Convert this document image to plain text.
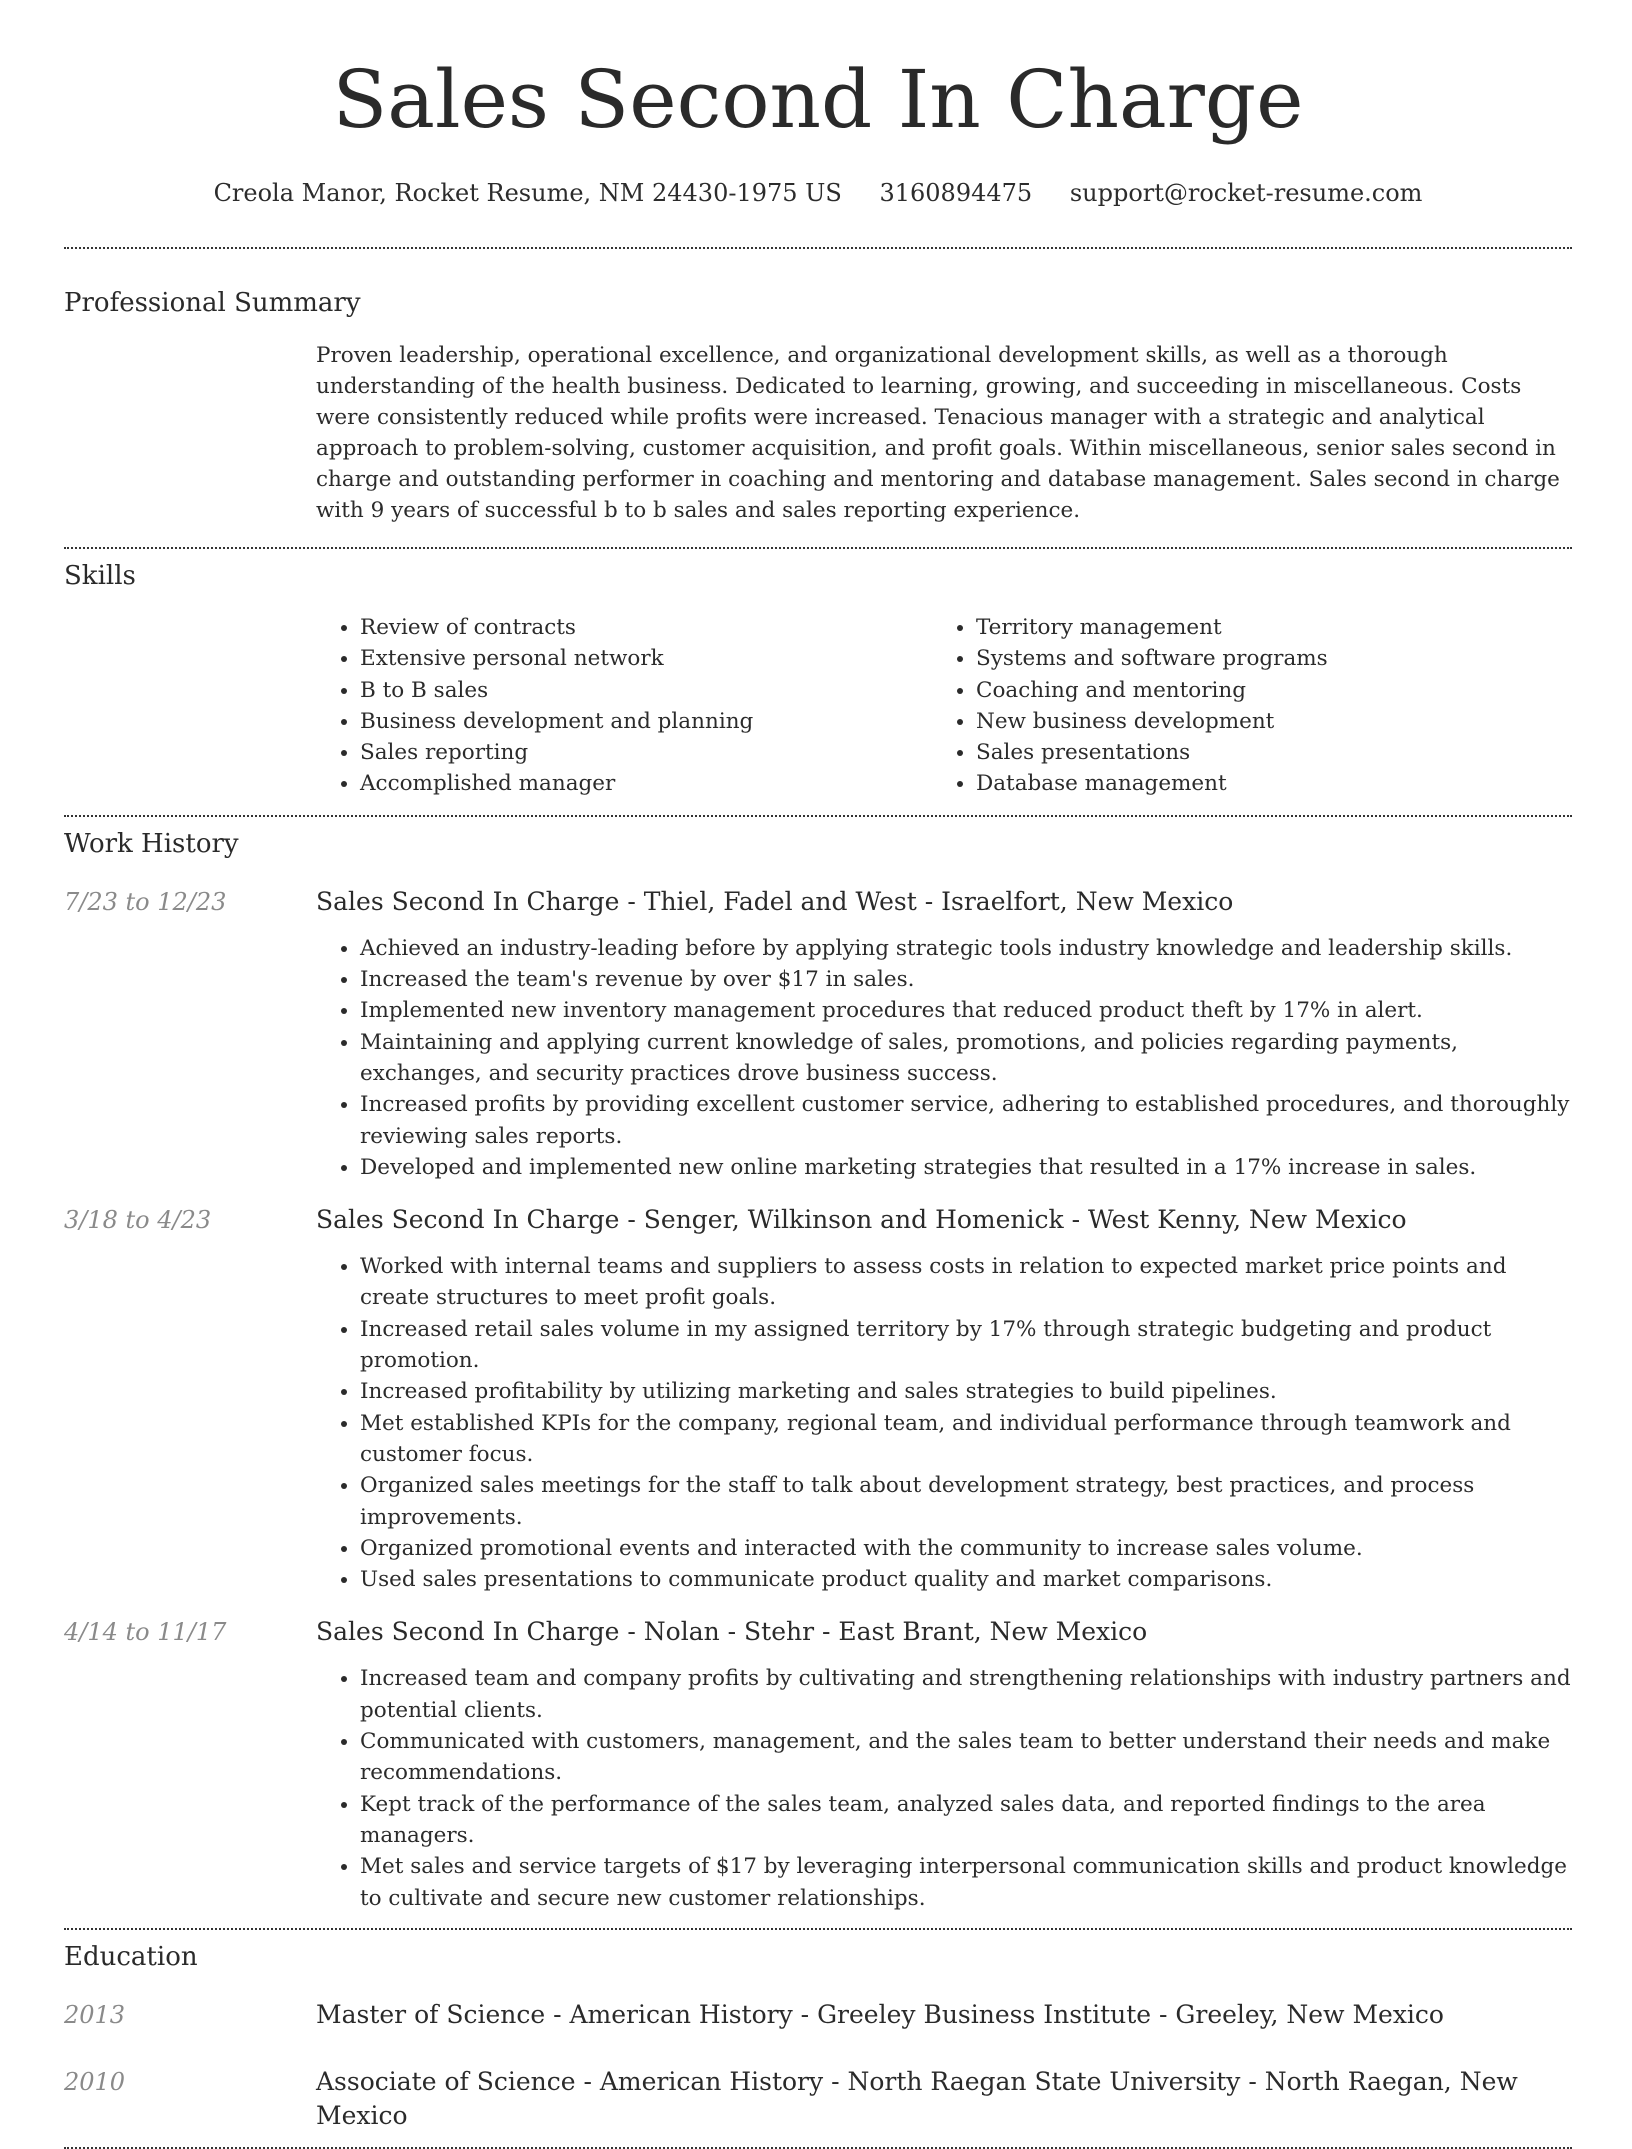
Sales Second In Charge
Creola Manor, Rocket Resume, NM 24430-1975 US 3160894475 support@rocket-resume.com
Professional Summary
Proven leadership, operational excellence, and organizational development skills, as well as a thorough understanding of the health business. Dedicated to learning, growing, and succeeding in miscellaneous. Costs were consistently reduced while profits were increased. Tenacious manager with a strategic and analytical approach to problem-solving, customer acquisition, and profit goals. Within miscellaneous, senior sales second in charge and outstanding performer in coaching and mentoring and database management. Sales second in charge with 9 years of successful b to b sales and sales reporting experience.
Skills
• Review of contracts
• Extensive personal network
• B to B sales
• Business development and planning
• Sales reporting
• Accomplished manager
• Territory management
• Systems and software programs
• Coaching and mentoring
• New business development
• Sales presentations
• Database management
Work History
7/23 to 12/23	Sales Second In Charge - Thiel, Fadel and West - Israelfort, New Mexico
• Achieved an industry-leading before by applying strategic tools industry knowledge and leadership skills.
• Increased the team's revenue by over $17 in sales.
• Implemented new inventory management procedures that reduced product theft by 17% in alert.
• Maintaining and applying current knowledge of sales, promotions, and policies regarding payments, exchanges, and security practices drove business success.
• Increased profits by providing excellent customer service, adhering to established procedures, and thoroughly reviewing sales reports.
• Developed and implemented new online marketing strategies that resulted in a 17% increase in sales.
3/18 to 4/23	Sales Second In Charge - Senger, Wilkinson and Homenick - West Kenny, New Mexico
• Worked with internal teams and suppliers to assess costs in relation to expected market price points and create structures to meet profit goals.
• Increased retail sales volume in my assigned territory by 17% through strategic budgeting and product promotion.
• Increased profitability by utilizing marketing and sales strategies to build pipelines.
• Met established KPIs for the company, regional team, and individual performance through teamwork and customer focus.
• Organized sales meetings for the staff to talk about development strategy, best practices, and process improvements.
• Organized promotional events and interacted with the community to increase sales volume.
• Used sales presentations to communicate product quality and market comparisons.
4/14 to 11/17	Sales Second In Charge - Nolan - Stehr - East Brant, New Mexico
• Increased team and company profits by cultivating and strengthening relationships with industry partners and potential clients.
• Communicated with customers, management, and the sales team to better understand their needs and make recommendations.
• Kept track of the performance of the sales team, analyzed sales data, and reported findings to the area managers.
• Met sales and service targets of $17 by leveraging interpersonal communication skills and product knowledge to cultivate and secure new customer relationships.
Education
2013	Master of Science - American History - Greeley Business Institute - Greeley, New Mexico
2010	Associate of Science - American History - North Raegan State University - North Raegan, New Mexico
